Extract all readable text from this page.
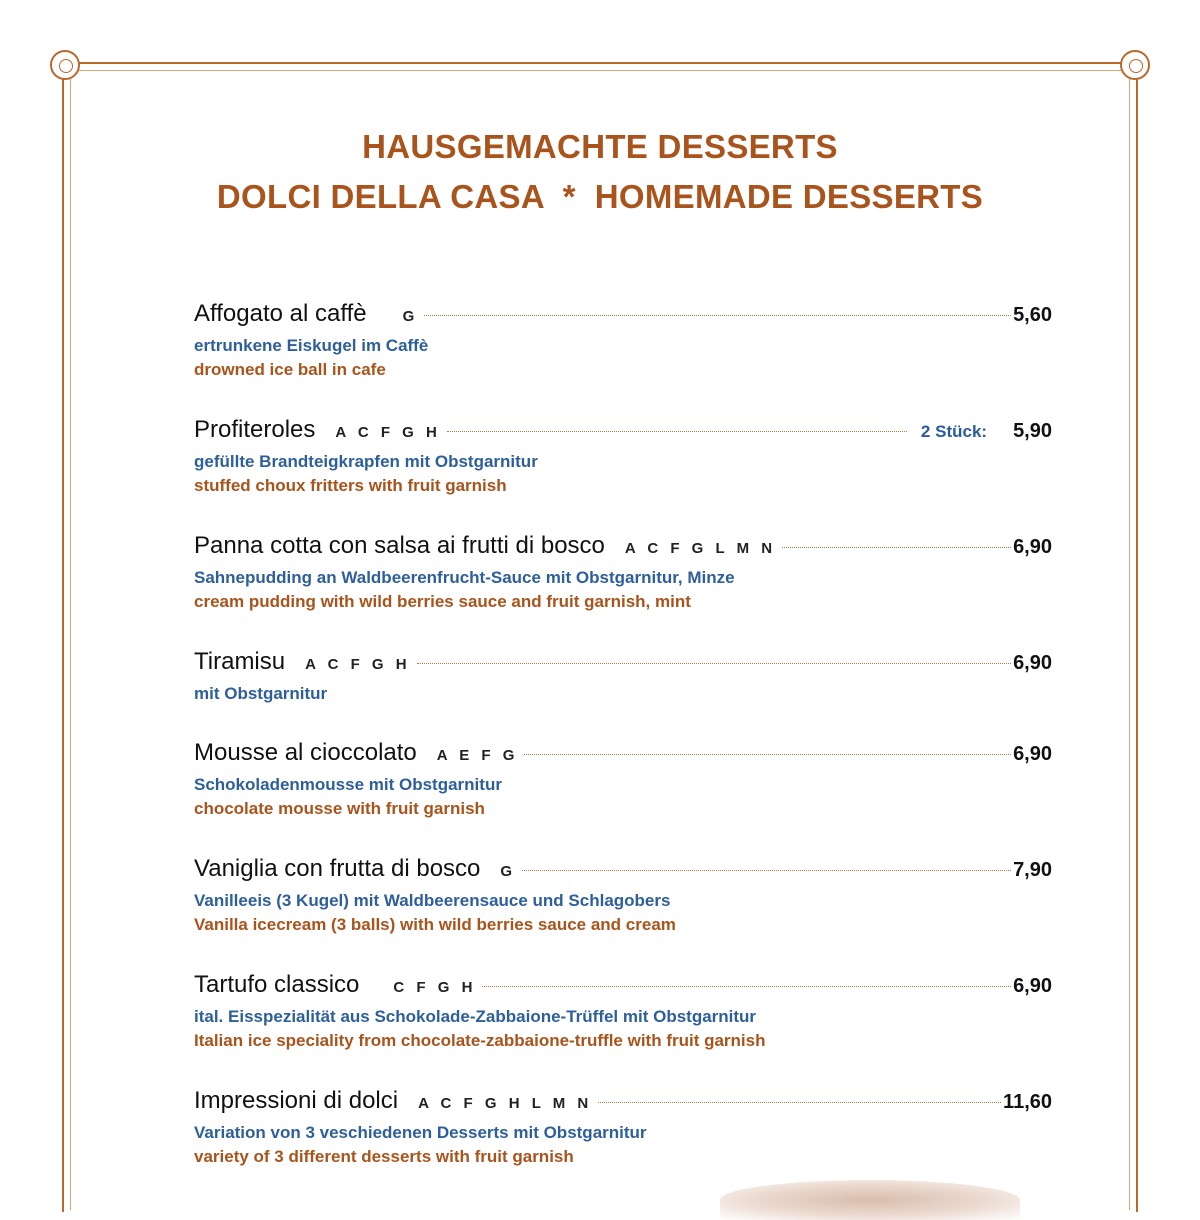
HAUSGEMACHTE DESSERTS
DOLCI DELLA CASA  *  HOMEMADE DESSERTS
Affogato al caffè G	5,60
ertrunkene Eiskugel im Caffè
drowned ice ball in cafe
Profiteroles A C F G H	2 Stück: 5,90
gefüllte Brandteigkrapfen mit Obstgarnitur
stuffed choux fritters with fruit garnish
Panna cotta con salsa ai frutti di bosco A C F G L M N	6,90
Sahnepudding an Waldbeerenfrucht-Sauce mit Obstgarnitur, Minze
cream pudding with wild berries sauce and fruit garnish, mint
Tiramisu A C F G H	6,90
mit Obstgarnitur
Mousse al cioccolato A E F G	6,90
Schokoladenmousse mit Obstgarnitur
chocolate mousse with fruit garnish
Vaniglia con frutta di bosco G	7,90
Vanilleeis (3 Kugel) mit Waldbeerensauce und Schlagobers
Vanilla icecream (3 balls) with wild berries sauce and cream
Tartufo classico C F G H	6,90
ital. Eisspezialität aus Schokolade-Zabbaione-Trüffel mit Obstgarnitur
Italian ice speciality from chocolate-zabbaione-truffle with fruit garnish
Impressioni di dolci A C F G H L M N	11,60
Variation von 3 veschiedenen Desserts mit Obstgarnitur
variety of 3 different desserts with fruit garnish
